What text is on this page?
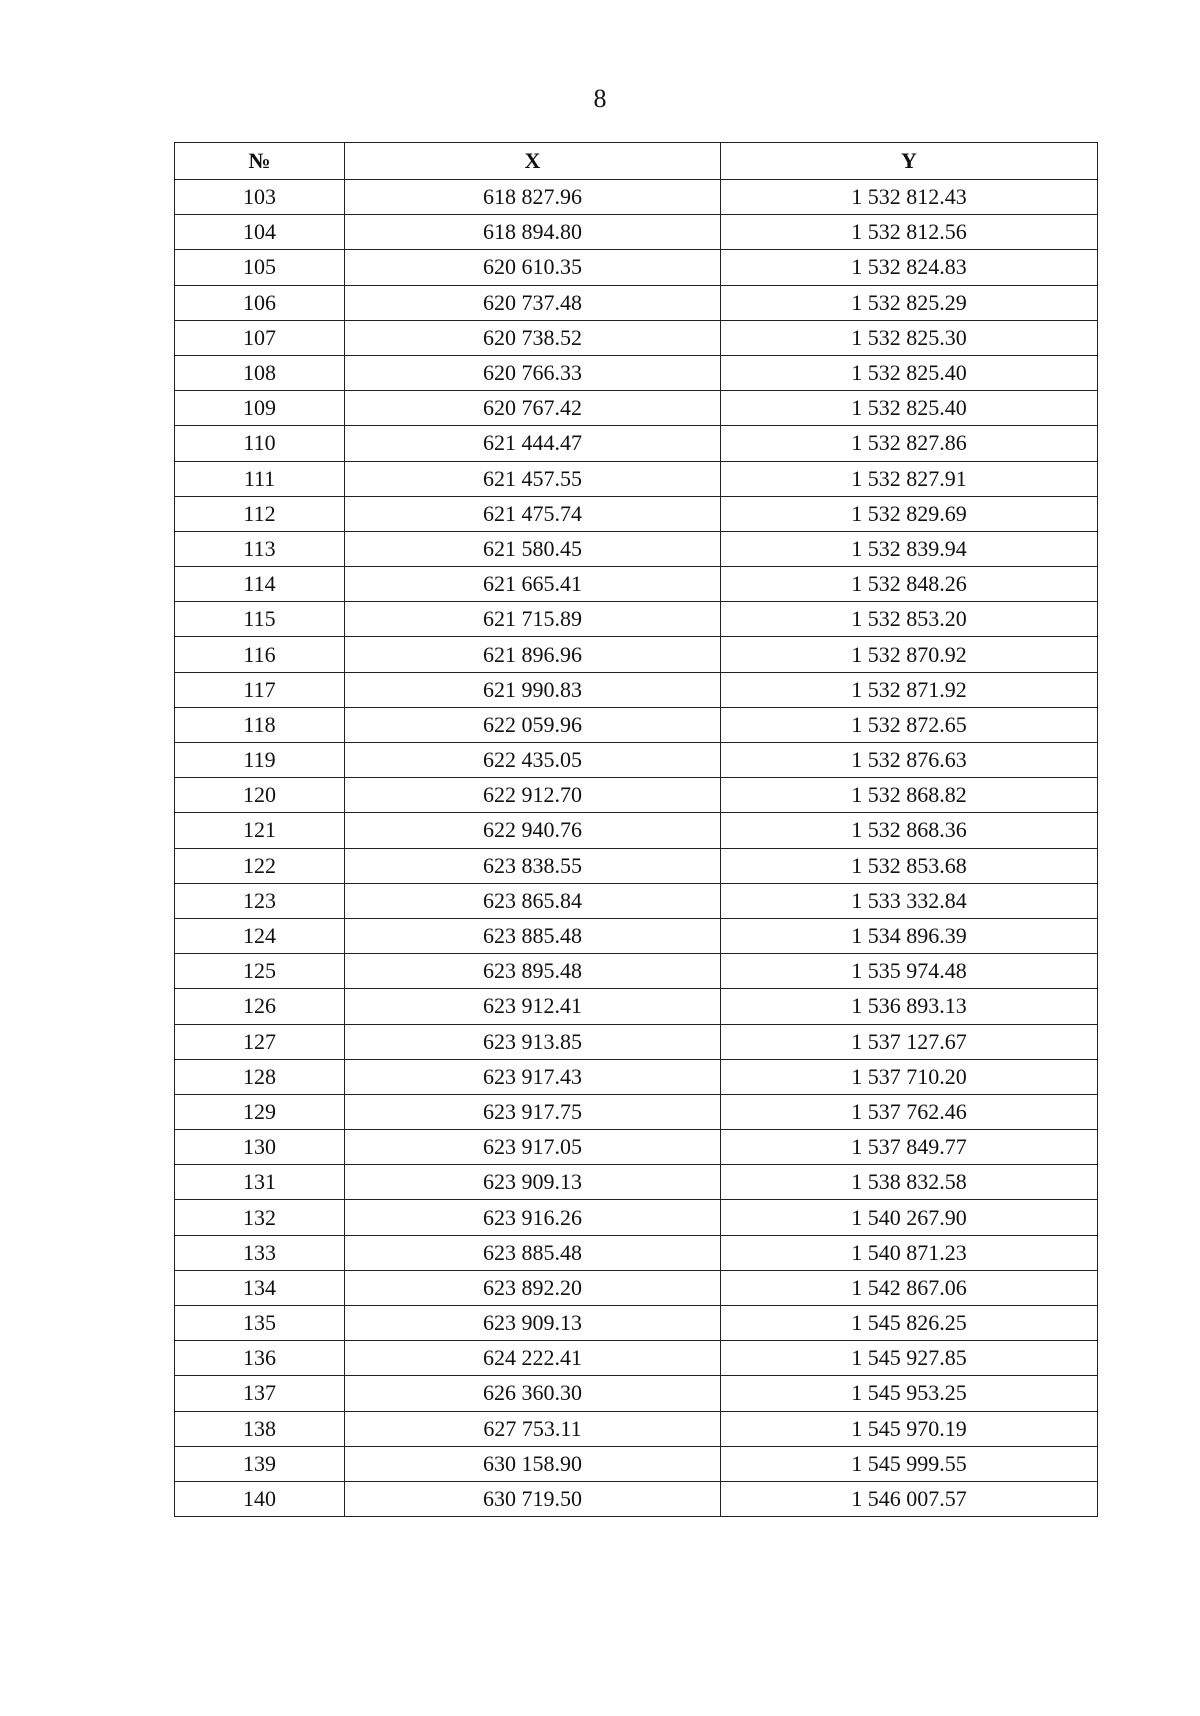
8
№	X	Y
103	618 827.96	1 532 812.43
104	618 894.80	1 532 812.56
105	620 610.35	1 532 824.83
106	620 737.48	1 532 825.29
107	620 738.52	1 532 825.30
108	620 766.33	1 532 825.40
109	620 767.42	1 532 825.40
110	621 444.47	1 532 827.86
111	621 457.55	1 532 827.91
112	621 475.74	1 532 829.69
113	621 580.45	1 532 839.94
114	621 665.41	1 532 848.26
115	621 715.89	1 532 853.20
116	621 896.96	1 532 870.92
117	621 990.83	1 532 871.92
118	622 059.96	1 532 872.65
119	622 435.05	1 532 876.63
120	622 912.70	1 532 868.82
121	622 940.76	1 532 868.36
122	623 838.55	1 532 853.68
123	623 865.84	1 533 332.84
124	623 885.48	1 534 896.39
125	623 895.48	1 535 974.48
126	623 912.41	1 536 893.13
127	623 913.85	1 537 127.67
128	623 917.43	1 537 710.20
129	623 917.75	1 537 762.46
130	623 917.05	1 537 849.77
131	623 909.13	1 538 832.58
132	623 916.26	1 540 267.90
133	623 885.48	1 540 871.23
134	623 892.20	1 542 867.06
135	623 909.13	1 545 826.25
136	624 222.41	1 545 927.85
137	626 360.30	1 545 953.25
138	627 753.11	1 545 970.19
139	630 158.90	1 545 999.55
140	630 719.50	1 546 007.57
